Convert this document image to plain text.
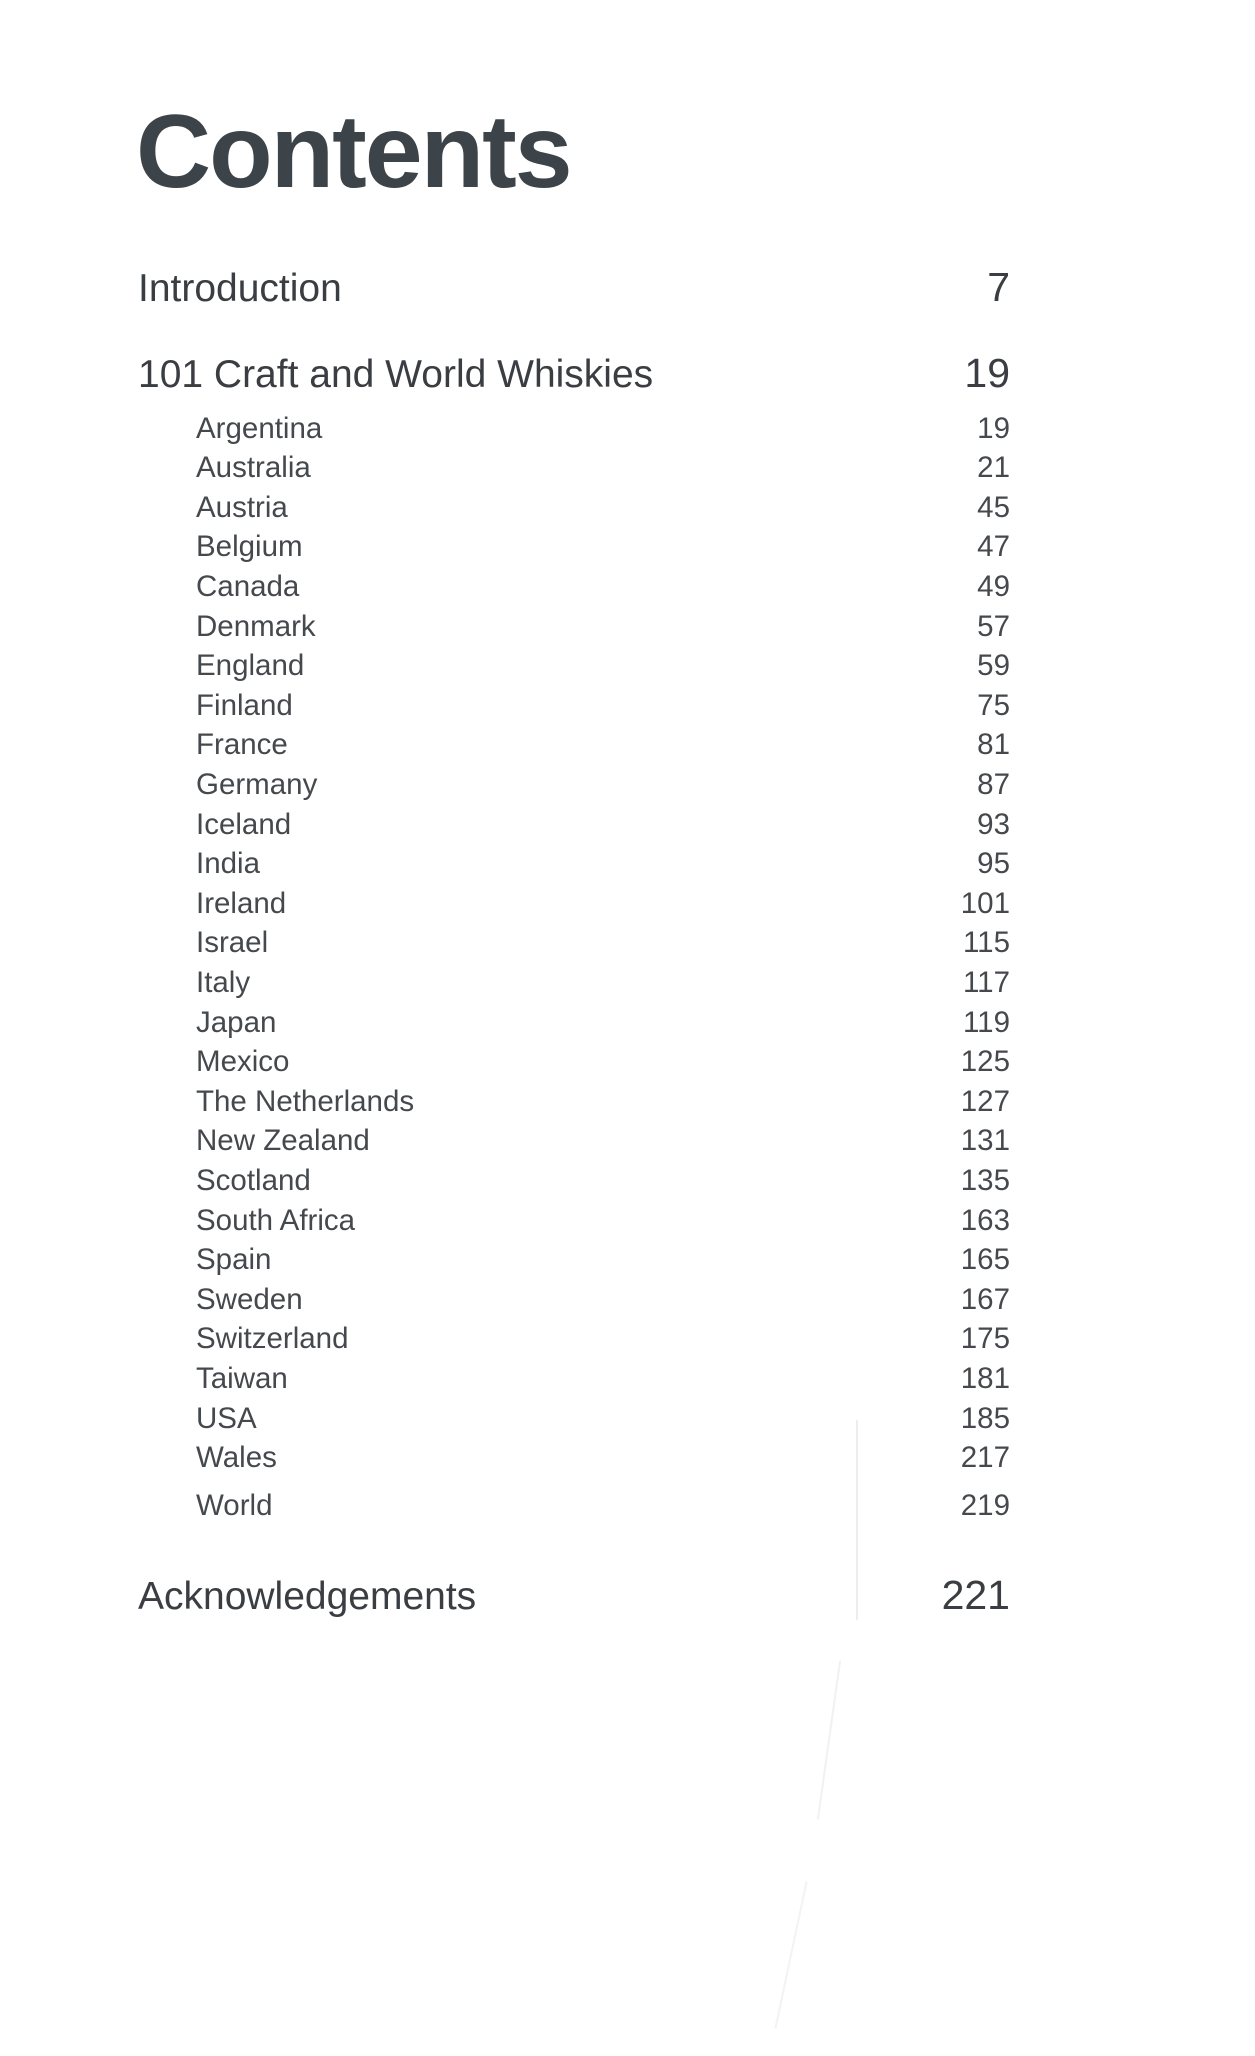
Contents
Introduction	7
101 Craft and World Whiskies	19
Argentina	19
Australia	21
Austria	45
Belgium	47
Canada	49
Denmark	57
England	59
Finland	75
France	81
Germany	87
Iceland	93
India	95
Ireland	101
Israel	115
Italy	117
Japan	119
Mexico	125
The Netherlands	127
New Zealand	131
Scotland	135
South Africa	163
Spain	165
Sweden	167
Switzerland	175
Taiwan	181
USA	185
Wales	217
World	219
Acknowledgements	221
